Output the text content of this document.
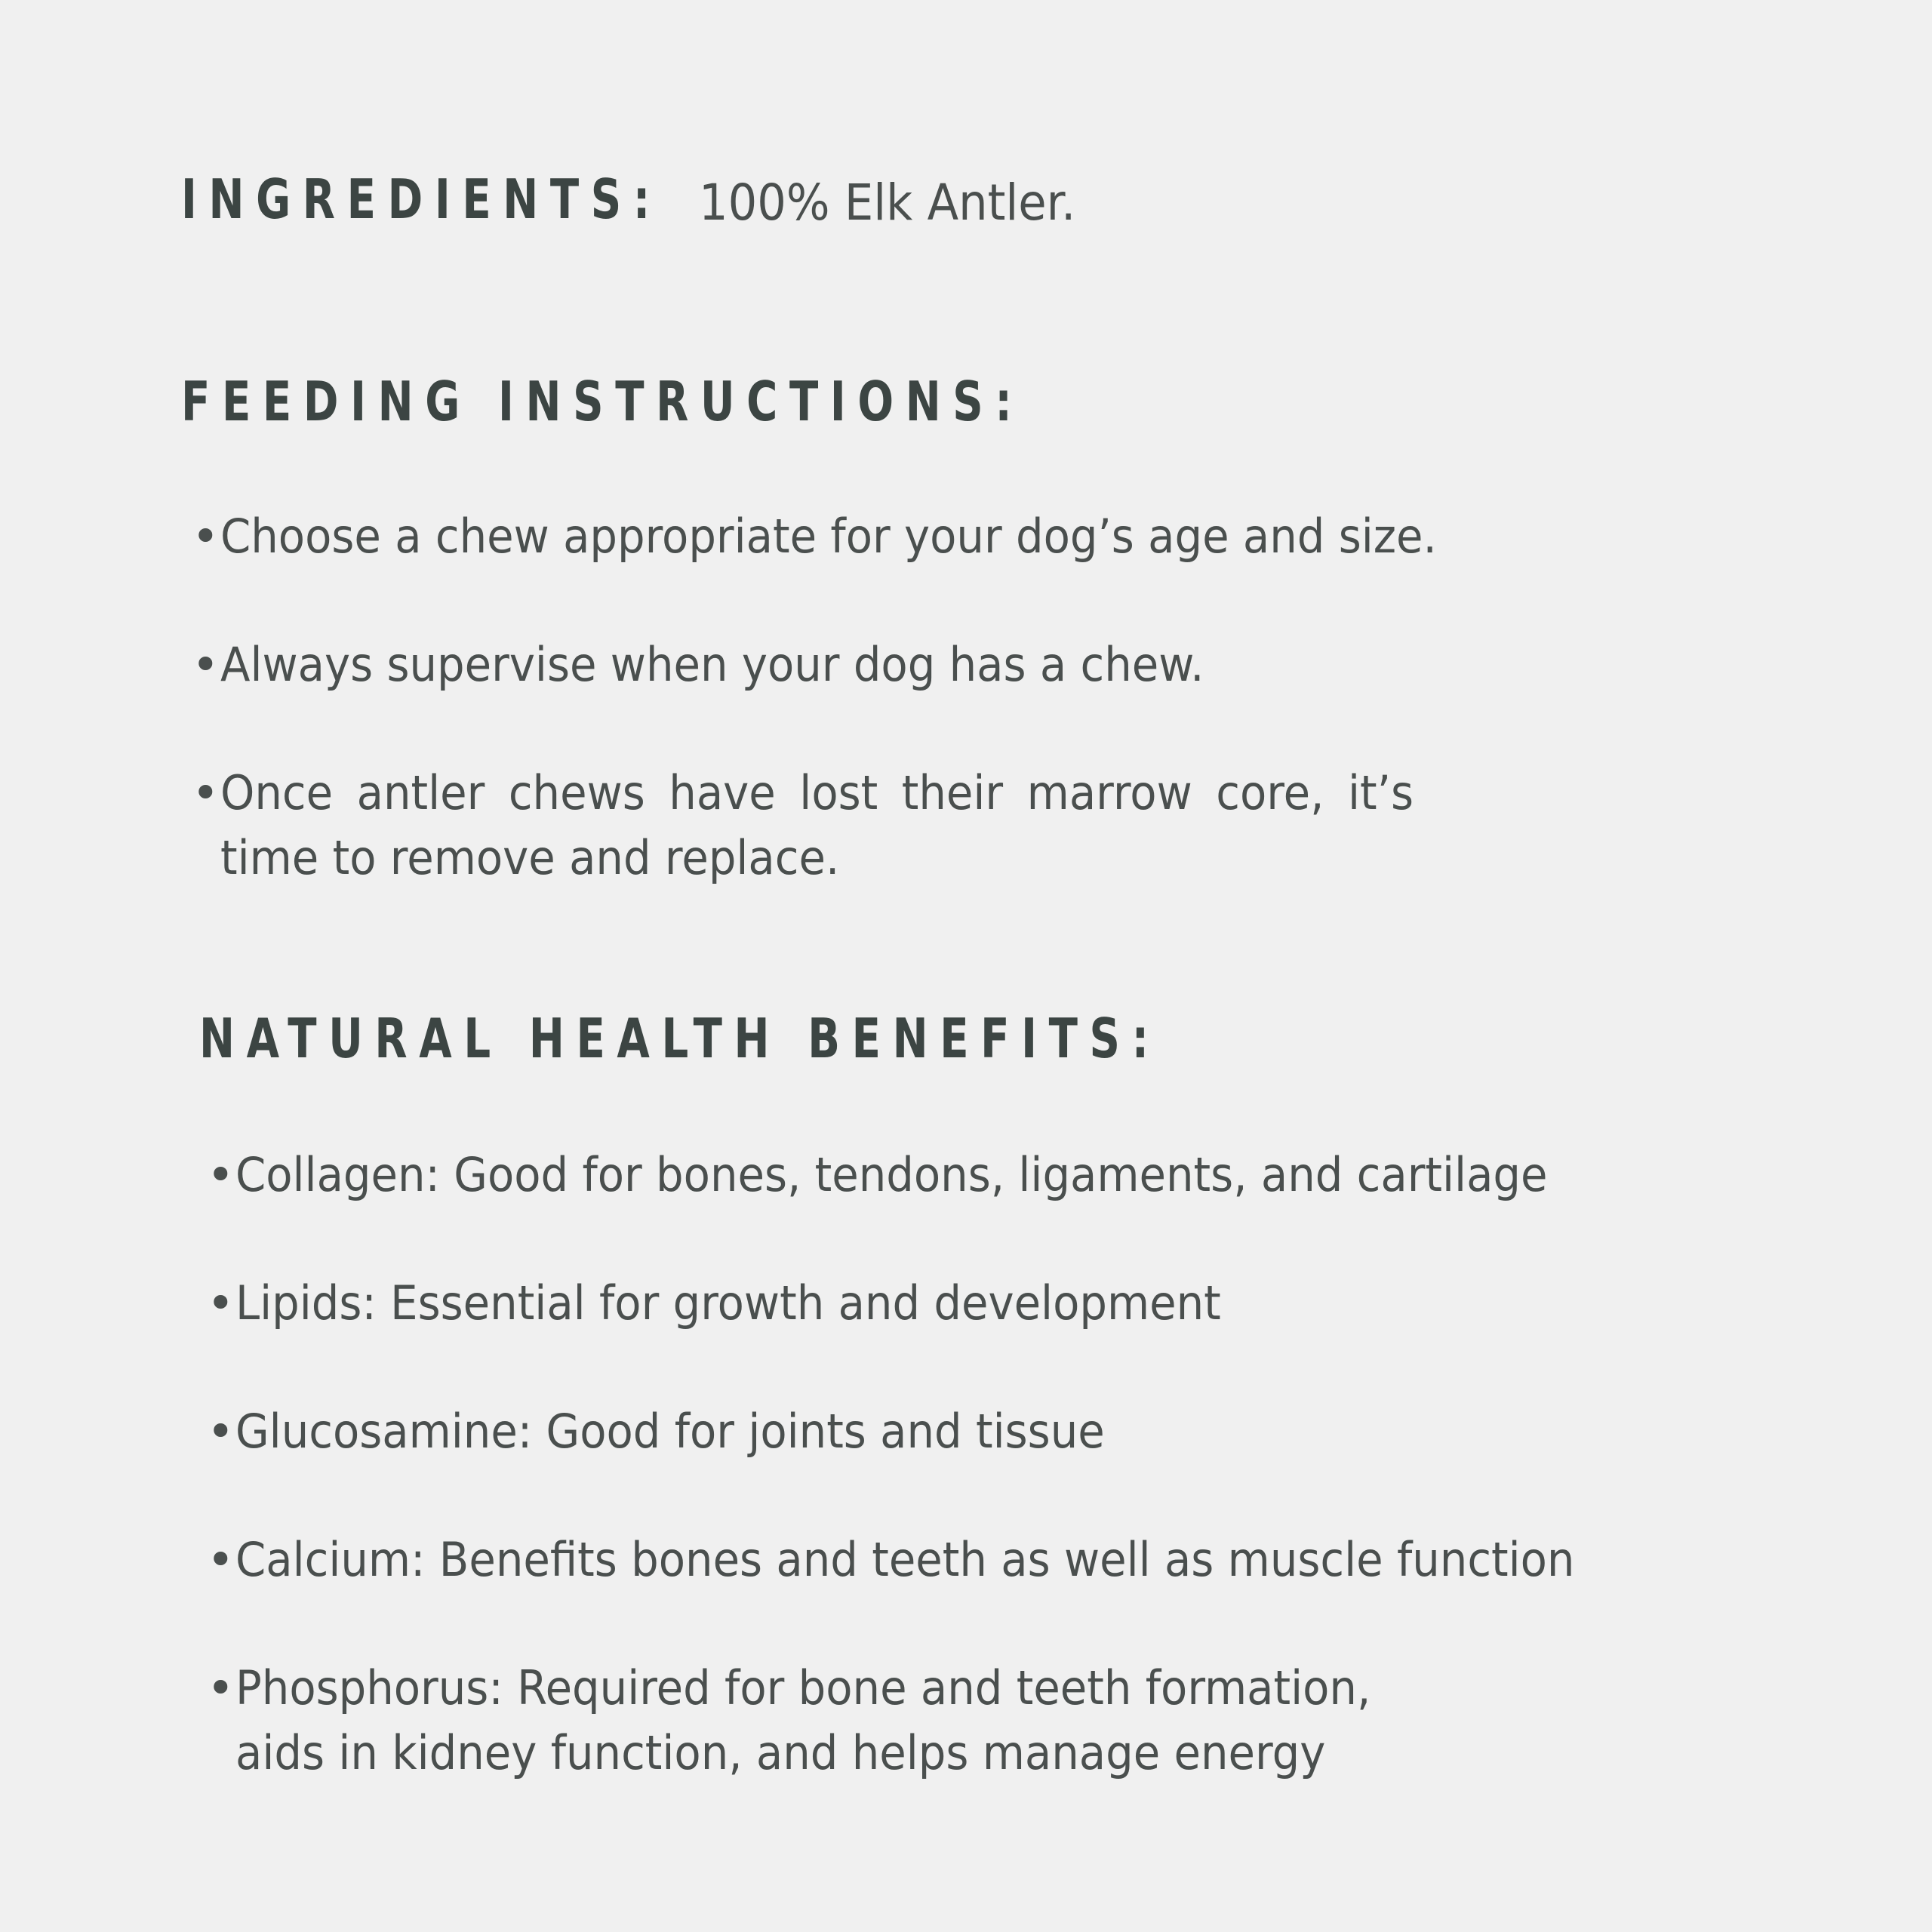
INGREDIENTS: 100% Elk Antler.
FEEDING INSTRUCTIONS:
•Choose a chew appropriate for your dog’s age and size.
•Always supervise when your dog has a chew.
•Once antler chews have lost their marrow core, it’s time to remove and replace.
NATURAL HEALTH BENEFITS:
•Collagen: Good for bones, tendons, ligaments, and cartilage
•Lipids: Essential for growth and development
•Glucosamine: Good for joints and tissue
•Calcium: Benefits bones and teeth as well as muscle function
•Phosphorus: Required for bone and teeth formation, aids in kidney function, and helps manage energy
